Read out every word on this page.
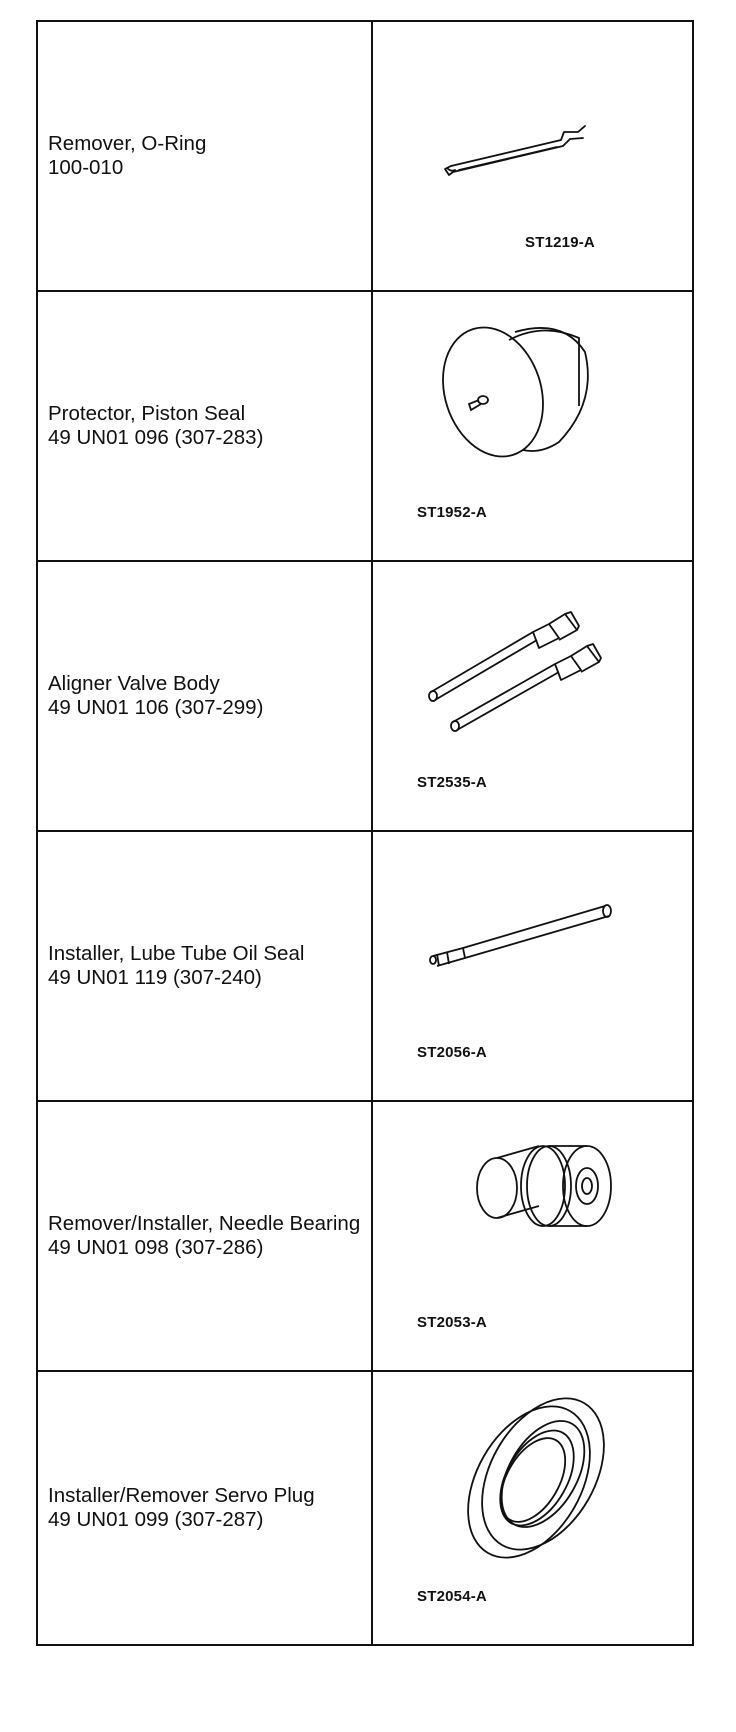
Remover, O-Ring
100-010
ST1219-A
Protector, Piston Seal
49 UN01 096 (307-283)
ST1952-A
Aligner Valve Body
49 UN01 106 (307-299)
ST2535-A
Installer, Lube Tube Oil Seal
49 UN01 119 (307-240)
ST2056-A
Remover/Installer, Needle Bearing
49 UN01 098 (307-286)
ST2053-A
Installer/Remover Servo Plug
49 UN01 099 (307-287)
ST2054-A
